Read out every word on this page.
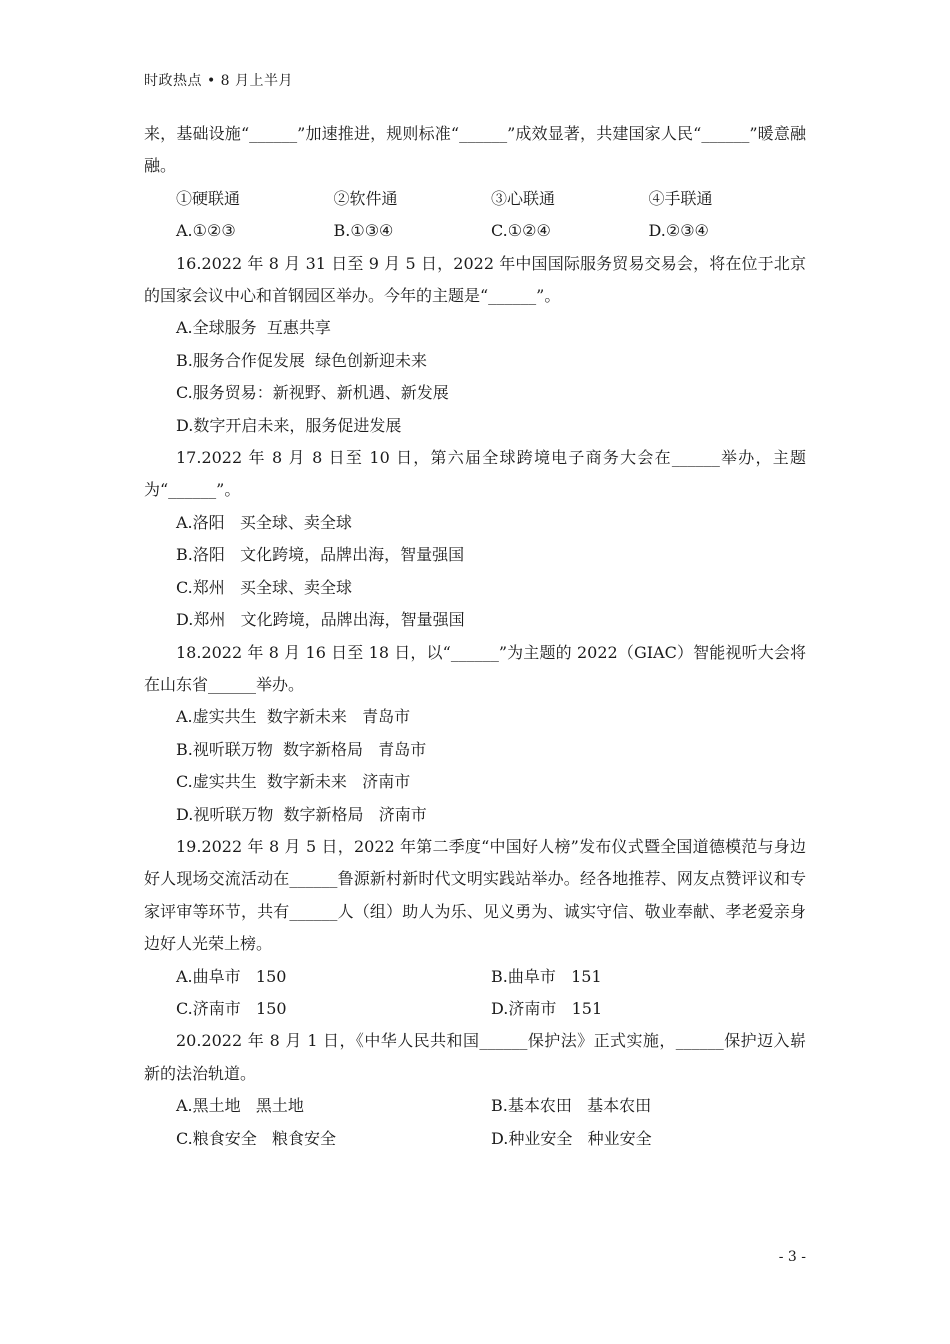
时政热点 • 8 月上半月

来，基础设施“______”加速推进，规则标准“______”成效显著，共建国家人民“______”暖意融融。

①硬联通	②软件通	③心联通	④手联通
A.①②③	B.①③④	C.①②④	D.②③④

16.2022 年 8 月 31 日至 9 月 5 日，2022 年中国国际服务贸易交易会，将在位于北京的国家会议中心和首钢园区举办。今年的主题是“______”。

A.全球服务  互惠共享
B.服务合作促发展  绿色创新迎未来
C.服务贸易：新视野、新机遇、新发展
D.数字开启未来，服务促进发展

17.2022 年 8 月 8 日至 10 日，第六届全球跨境电子商务大会在______举办，主题为“______”。

A.洛阳   买全球、卖全球
B.洛阳   文化跨境，品牌出海，智量强国
C.郑州   买全球、卖全球
D.郑州   文化跨境，品牌出海，智量强国

18.2022 年 8 月 16 日至 18 日，以“______”为主题的 2022（GIAC）智能视听大会将在山东省______举办。

A.虚实共生  数字新未来   青岛市
B.视听联万物  数字新格局   青岛市
C.虚实共生  数字新未来   济南市
D.视听联万物  数字新格局   济南市

19.2022 年 8 月 5 日，2022 年第二季度“中国好人榜”发布仪式暨全国道德模范与身边好人现场交流活动在______鲁源新村新时代文明实践站举办。经各地推荐、网友点赞评议和专家评审等环节，共有______人（组）助人为乐、见义勇为、诚实守信、敬业奉献、孝老爱亲身边好人光荣上榜。

A.曲阜市   150	B.曲阜市   151
C.济南市   150	D.济南市   151

20.2022 年 8 月 1 日，《中华人民共和国______保护法》正式实施，______保护迈入崭新的法治轨道。

A.黑土地   黑土地	B.基本农田   基本农田
C.粮食安全   粮食安全	D.种业安全   种业安全
- 3 -
